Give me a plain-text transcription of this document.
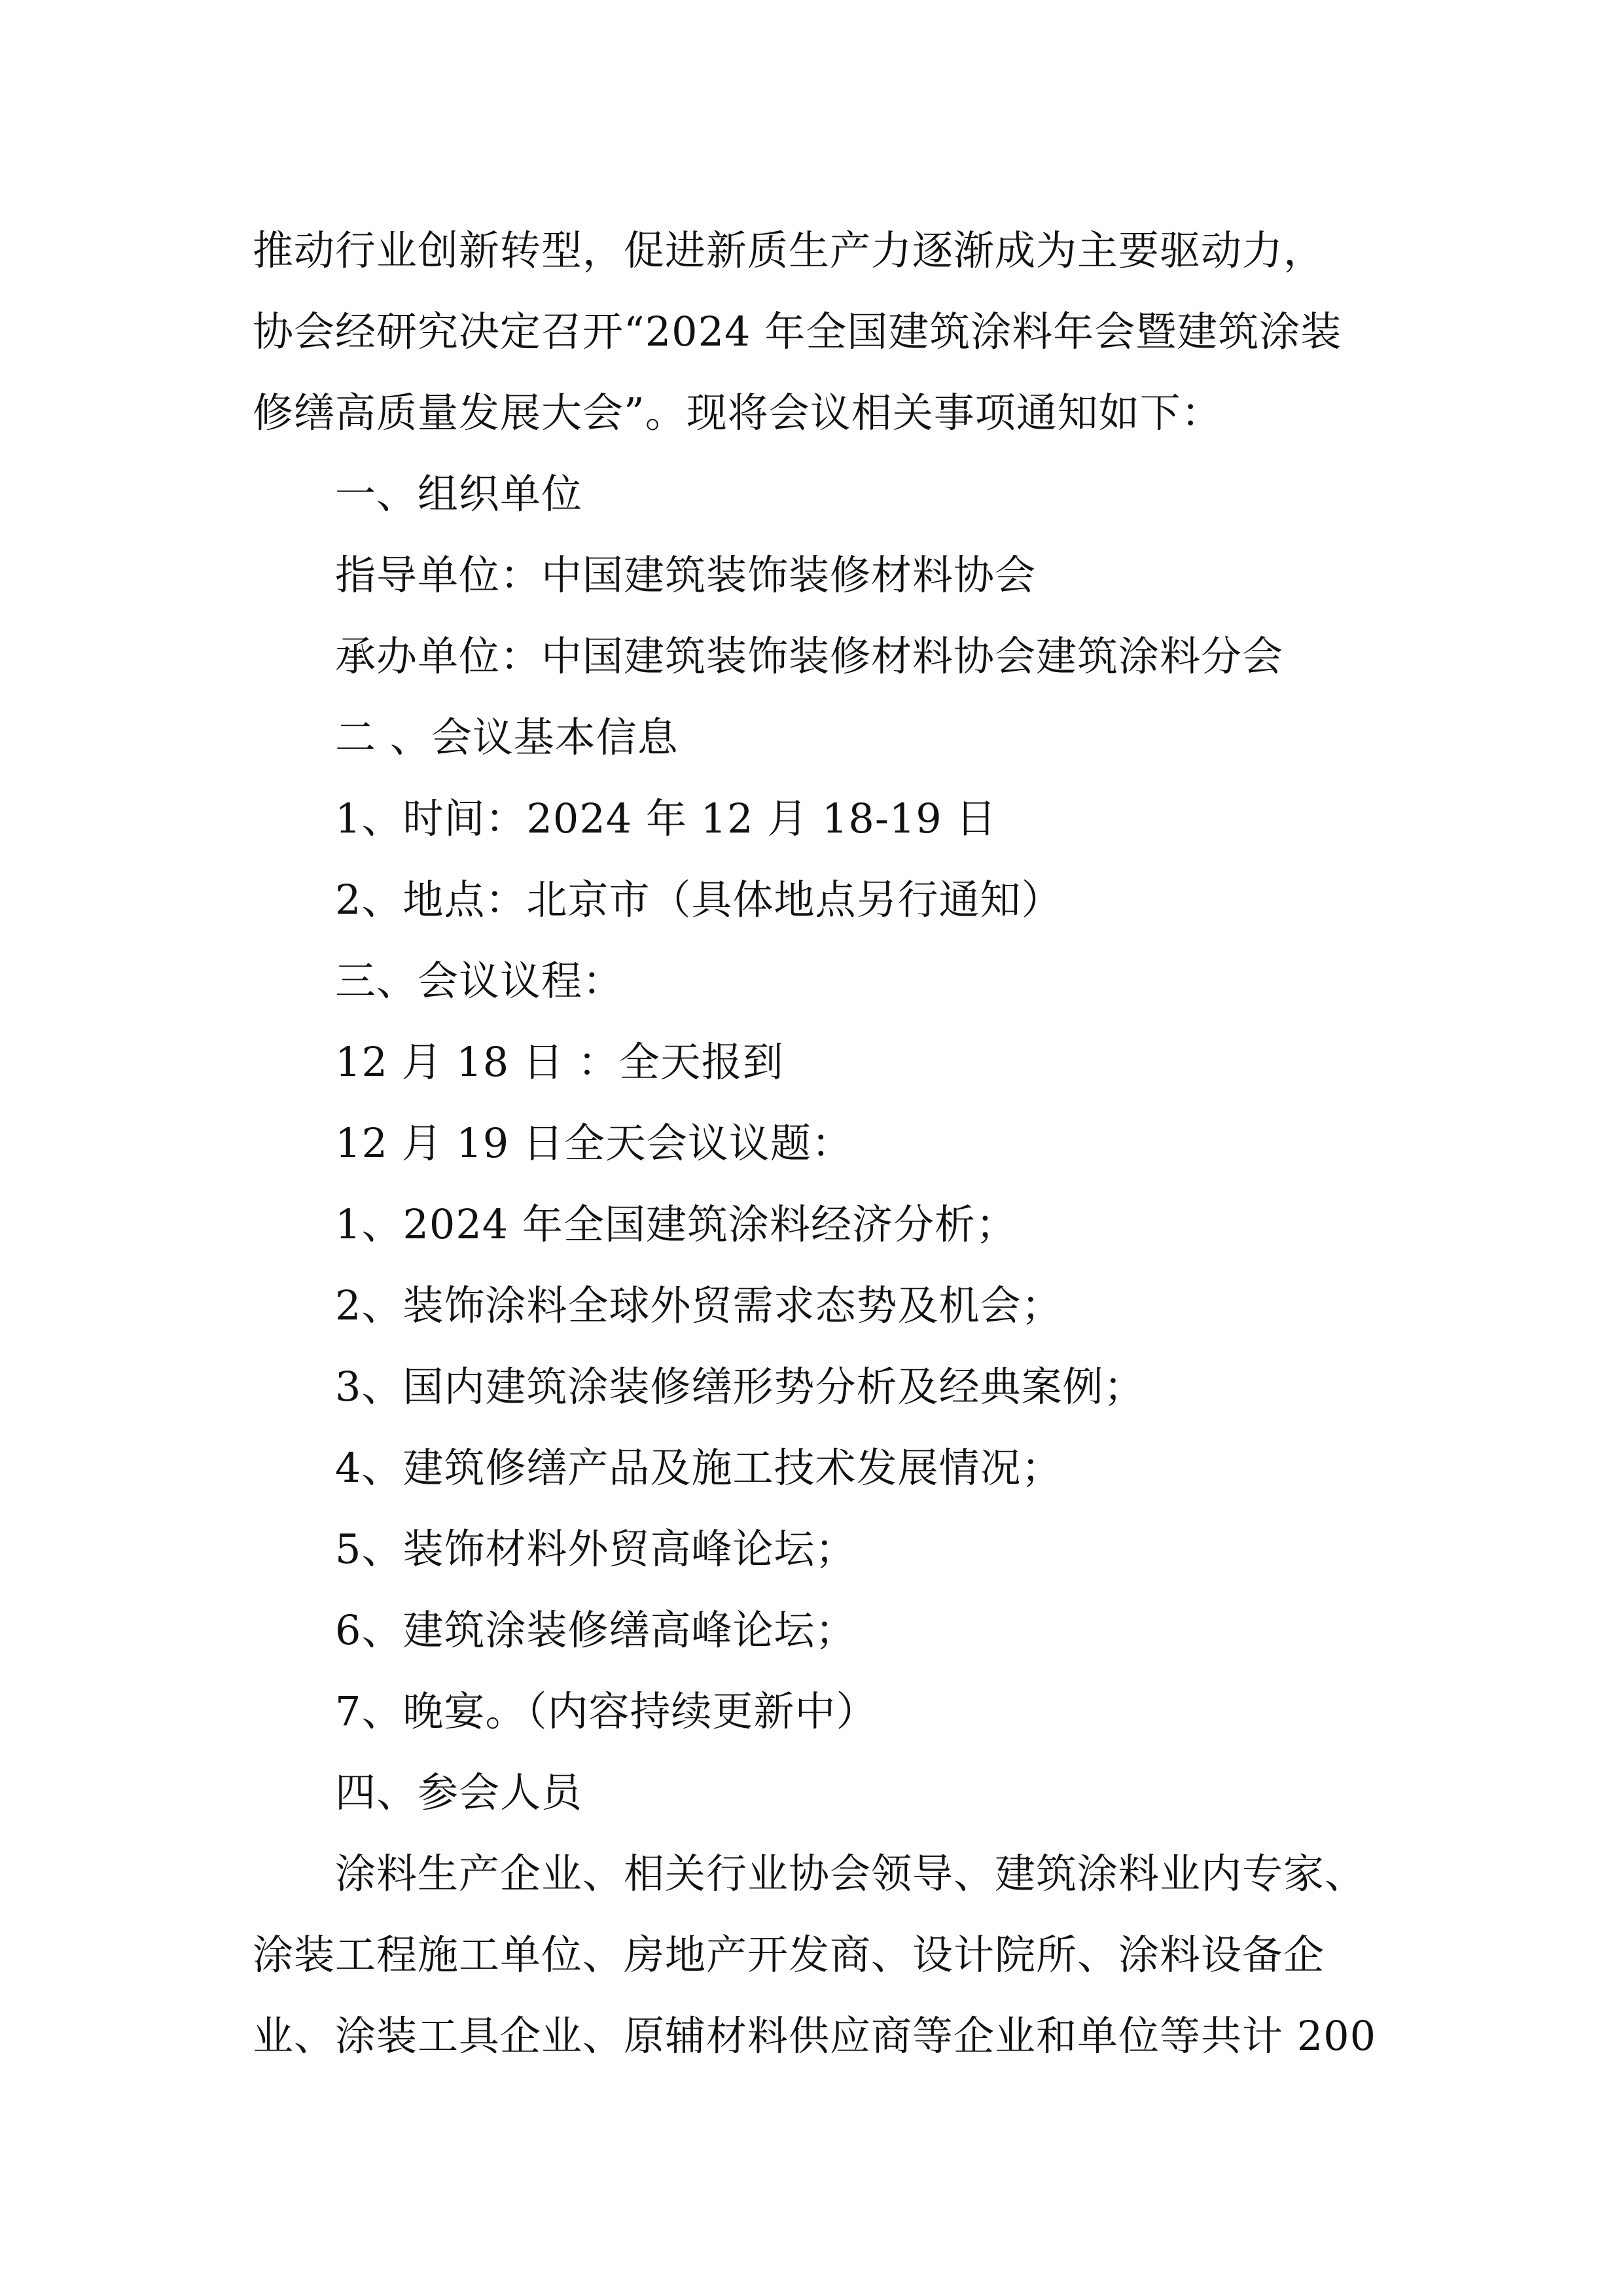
推动行业创新转型，促进新质生产力逐渐成为主要驱动力，
协会经研究决定召开“2024 年全国建筑涂料年会暨建筑涂装
修缮高质量发展大会”。现将会议相关事项通知如下：
一、组织单位
指导单位：中国建筑装饰装修材料协会
承办单位：中国建筑装饰装修材料协会建筑涂料分会
二 、会议基本信息
1、时间：2024 年 12 月 18-19 日
2、地点：北京市（具体地点另行通知）
三、会议议程：
12 月 18 日 ：全天报到
12 月 19 日全天会议议题：
1、2024 年全国建筑涂料经济分析；
2、装饰涂料全球外贸需求态势及机会；
3、国内建筑涂装修缮形势分析及经典案例；
4、建筑修缮产品及施工技术发展情况；
5、装饰材料外贸高峰论坛；
6、建筑涂装修缮高峰论坛；
7、晚宴。（内容持续更新中）
四、参会人员
涂料生产企业、相关行业协会领导、建筑涂料业内专家、
涂装工程施工单位、房地产开发商、设计院所、涂料设备企
业、涂装工具企业、原辅材料供应商等企业和单位等共计 200
